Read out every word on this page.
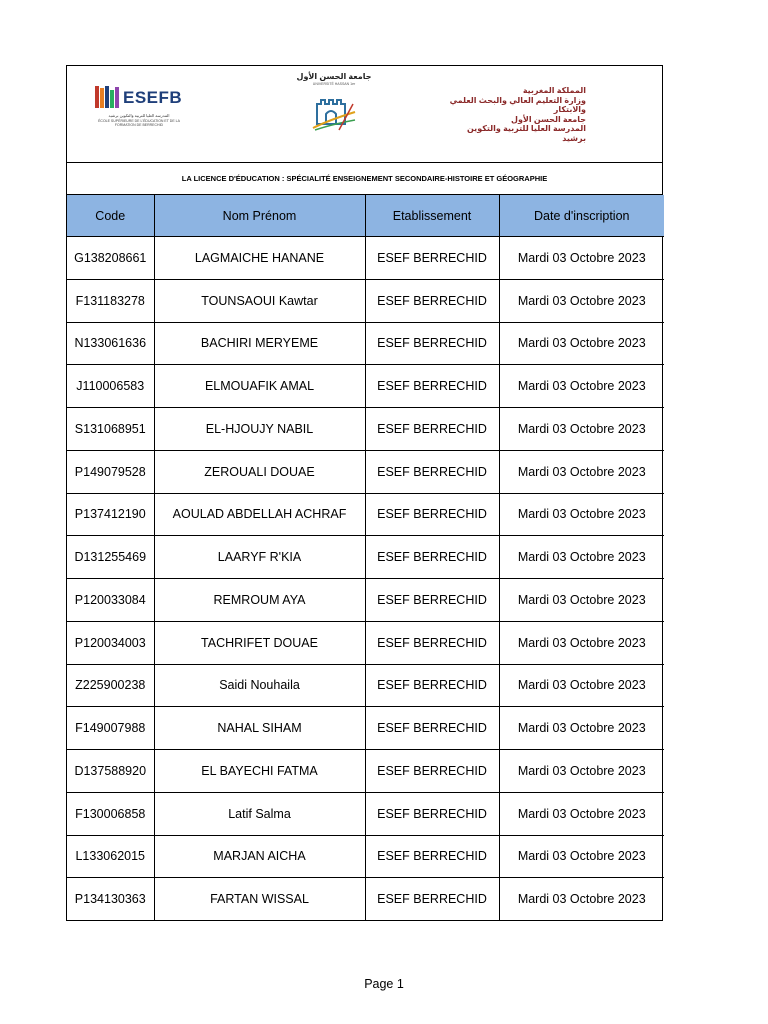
ESEFB
المدرسة العليا للتربية والتكوين برشيد
ÉCOLE SUPÉRIEURE DE L'ÉDUCATION ET DE LA FORMATION DE BERRECHID
جامعة الحسن الأول
UNIVERSITÉ HASSAN 1er
المملكة المغربية
وزارة التعليم العالي والبحث العلمي
والابتكار
جامعة الحسن الأول
المدرسة العليا للتربية والتكوين
برشيد
LA LICENCE D'ÉDUCATION : SPÉCIALITÉ ENSEIGNEMENT SECONDAIRE-HISTOIRE ET GÉOGRAPHIE
Code	Nom Prénom	Etablissement	Date d'inscription
G138208661	LAGMAICHE HANANE	ESEF BERRECHID	Mardi 03 Octobre 2023
F131183278	TOUNSAOUI Kawtar	ESEF BERRECHID	Mardi 03 Octobre 2023
N133061636	BACHIRI MERYEME	ESEF BERRECHID	Mardi 03 Octobre 2023
J110006583	ELMOUAFIK AMAL	ESEF BERRECHID	Mardi 03 Octobre 2023
S131068951	EL-HJOUJY NABIL	ESEF BERRECHID	Mardi 03 Octobre 2023
P149079528	ZEROUALI DOUAE	ESEF BERRECHID	Mardi 03 Octobre 2023
P137412190	AOULAD ABDELLAH ACHRAF	ESEF BERRECHID	Mardi 03 Octobre 2023
D131255469	LAARYF R'KIA	ESEF BERRECHID	Mardi 03 Octobre 2023
P120033084	REMROUM AYA	ESEF BERRECHID	Mardi 03 Octobre 2023
P120034003	TACHRIFET DOUAE	ESEF BERRECHID	Mardi 03 Octobre 2023
Z225900238	Saidi Nouhaila	ESEF BERRECHID	Mardi 03 Octobre 2023
F149007988	NAHAL SIHAM	ESEF BERRECHID	Mardi 03 Octobre 2023
D137588920	EL BAYECHI FATMA	ESEF BERRECHID	Mardi 03 Octobre 2023
F130006858	Latif Salma	ESEF BERRECHID	Mardi 03 Octobre 2023
L133062015	MARJAN AICHA	ESEF BERRECHID	Mardi 03 Octobre 2023
P134130363	FARTAN WISSAL	ESEF BERRECHID	Mardi 03 Octobre 2023
Page 1
